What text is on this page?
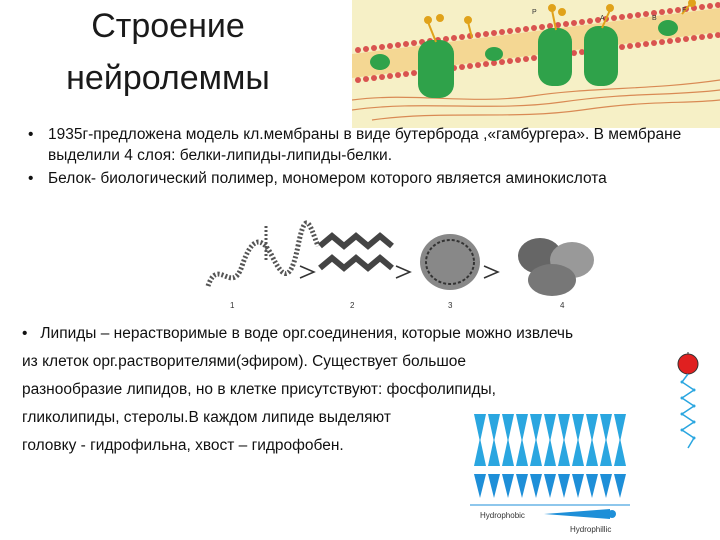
Строение
нейролеммы
P
A	B
F
• 1935г-предложена модель кл.мембраны в виде бутерброда ,«гамбургера». В мембране выделили 4 слоя: белки-липиды-липиды-белки.
• Белок- биологический полимер, мономером которого является аминокислота
1	2	3	4
• Липиды – нерастворимые в воде орг.соединения, которые можно извлечь
из клеток орг.растворителями(эфиром). Существует большое
разнообразие липидов, но в клетке присутствуют: фосфолипиды,
гликолипиды, стеролы.В каждом липиде выделяют
головку - гидрофильна, хвост – гидрофобен.
Hydrophobic
Hydrophillic
